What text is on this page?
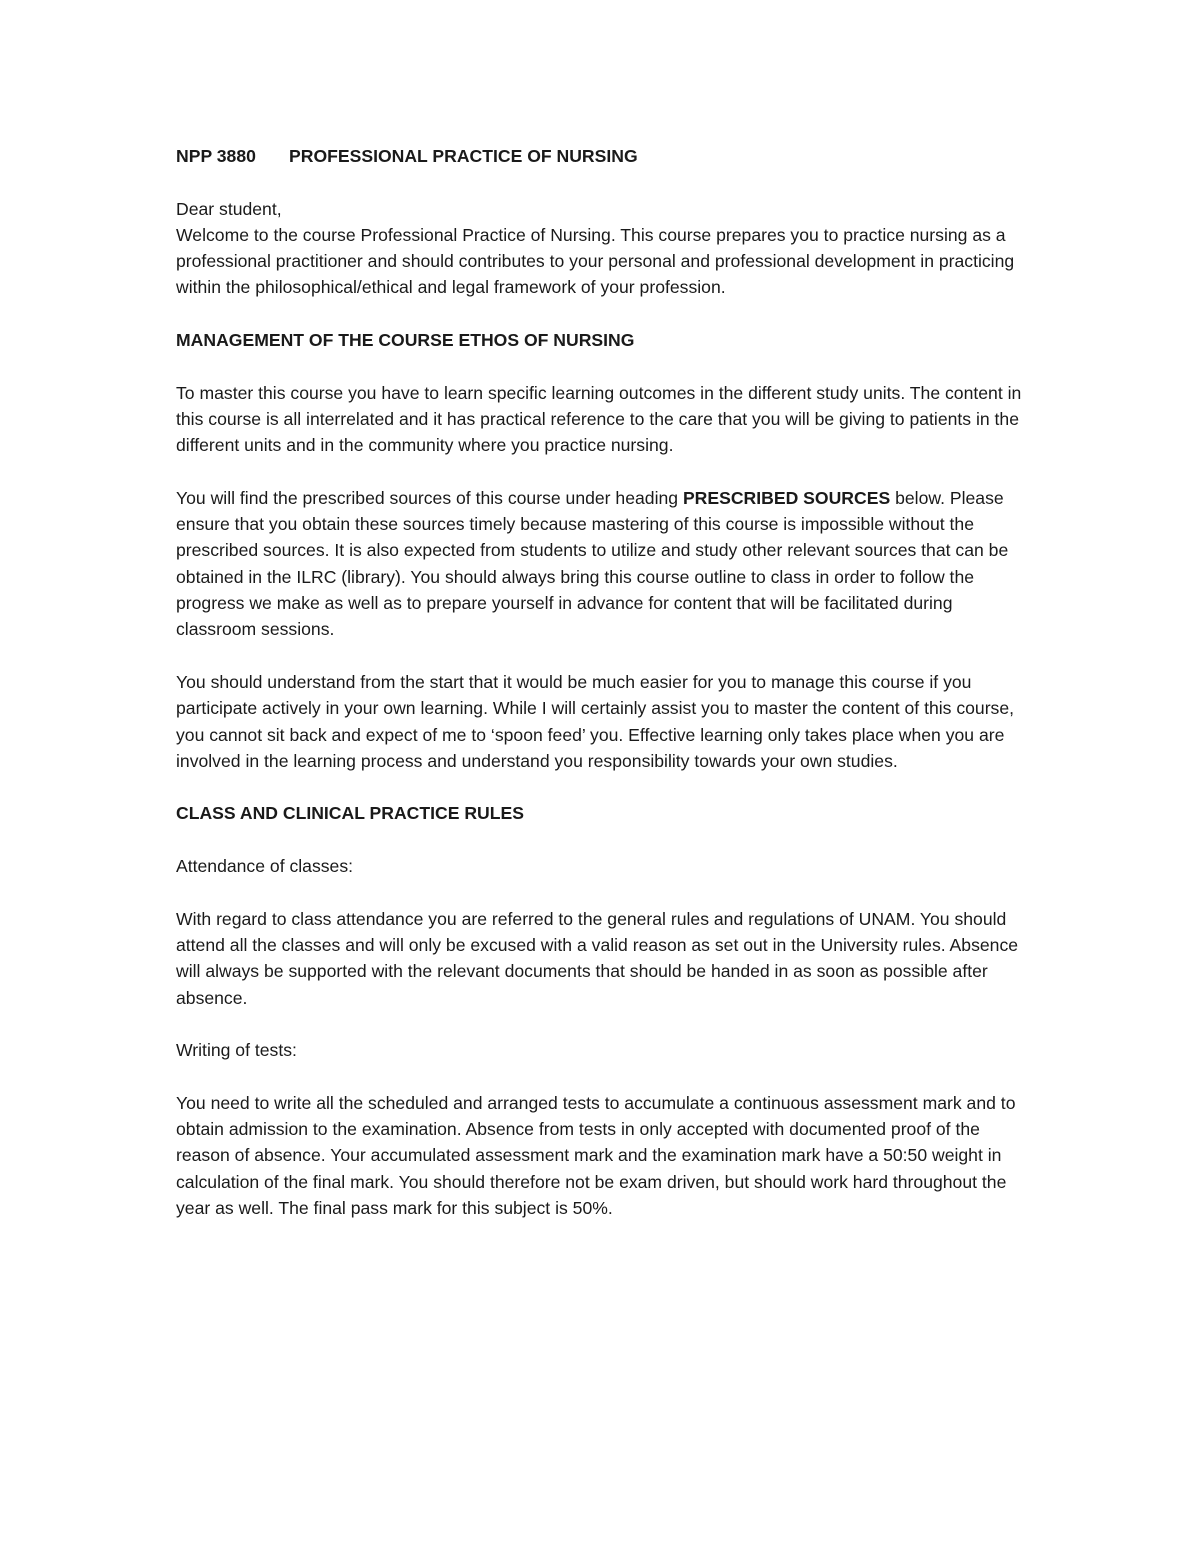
NPP 3880 PROFESSIONAL PRACTICE OF NURSING

Dear student,

Welcome to the course Professional Practice of Nursing. This course prepares you to practice nursing as a professional practitioner and should contributes to your personal and professional development in practicing within the philosophical/ethical and legal framework of your profession.

MANAGEMENT OF THE COURSE ETHOS OF NURSING

To master this course you have to learn specific learning outcomes in the different study units. The content in this course is all interrelated and it has practical reference to the care that you will be giving to patients in the different units and in the community where you practice nursing.

You will find the prescribed sources of this course under heading PRESCRIBED SOURCES below. Please ensure that you obtain these sources timely because mastering of this course is impossible without the prescribed sources. It is also expected from students to utilize and study other relevant sources that can be obtained in the ILRC (library). You should always bring this course outline to class in order to follow the progress we make as well as to prepare yourself in advance for content that will be facilitated during classroom sessions.

You should understand from the start that it would be much easier for you to manage this course if you participate actively in your own learning. While I will certainly assist you to master the content of this course, you cannot sit back and expect of me to ‘spoon feed’ you. Effective learning only takes place when you are involved in the learning process and understand you responsibility towards your own studies.

CLASS AND CLINICAL PRACTICE RULES
Attendance of classes:

With regard to class attendance you are referred to the general rules and regulations of UNAM. You should attend all the classes and will only be excused with a valid reason as set out in the University rules. Absence will always be supported with the relevant documents that should be handed in as soon as possible after absence.

Writing of tests:

You need to write all the scheduled and arranged tests to accumulate a continuous assessment mark and to obtain admission to the examination. Absence from tests in only accepted with documented proof of the reason of absence. Your accumulated assessment mark and the examination mark have a 50:50 weight in calculation of the final mark. You should therefore not be exam driven, but should work hard throughout the year as well. The final pass mark for this subject is 50%.
